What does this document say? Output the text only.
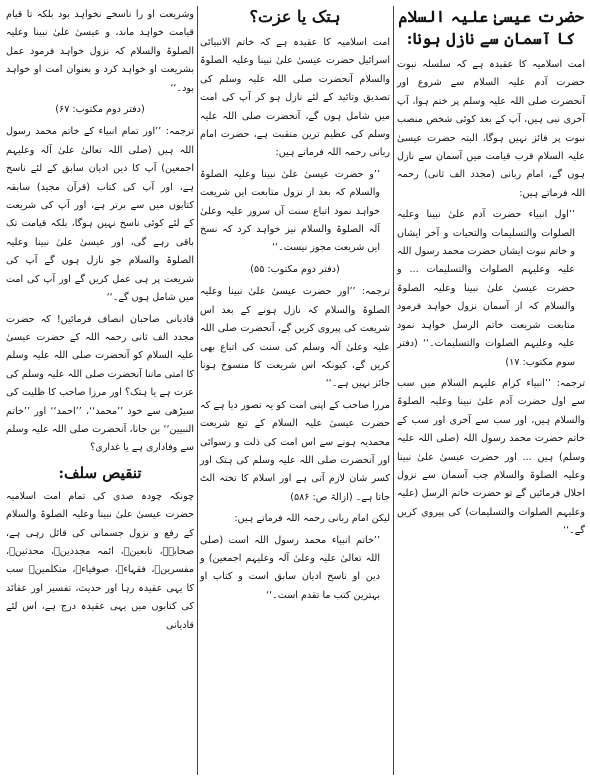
حضرت عیسیٰ علیہ السلام کا آسمان سے نازل ہونا:

امت اسلامیہ کا عقیدہ ہے کہ سلسلہ نبوت حضرت آدم علیہ السلام سے شروع اور آنحضرت صلی اللہ علیہ وسلم پر ختم ہوا، آپ آخری نبی ہیں، آپ کے بعد کوئی شخص منصب نبوت پر فائز نہیں ہوگا، البتہ حضرت عیسیٰ علیہ السلام قرب قیامت میں آسمان سے نازل ہوں گے، امام ربانی (مجدد الف ثانی) رحمہ اللہ فرماتے ہیں:

’’اول انبیاء حضرت آدم علیٰ نبینا وعلیہ الصلوات والتسلیمات والتحیات و آخر ایشاں و خاتم نبوت ایشاں حضرت محمد رسول اللہ علیہ وعلیہم الصلوات والتسلیمات ... و حضرت عیسیٰ علیٰ نبینا وعلیہ الصلوۃ والسلام کہ از آسمان نزول خواہد فرمود متابعت شریعت خاتم الرسل خواہد نمود علیہ وعلیہم الصلوات والتسلیمات۔‘‘ (دفتر سوم مکتوب: ۱۷)

ترجمہ: ’’انبیاء کرام علیہم السلام میں سب سے اول حضرت آدم علیٰ نبینا وعلیہ الصلوۃ والسلام ہیں، اور سب سے آخری اور سب کے خاتم حضرت محمد رسول اللہ (صلی اللہ علیہ وسلم) ہیں ... اور حضرت عیسیٰ علیٰ نبینا وعلیہ الصلوۃ والسلام جب آسمان سے نزول اجلال فرمائیں گے تو حضرت خاتم الرسل (علیہ وعلیہم الصلوات والتسلیمات) کی پیروی کریں گے۔‘‘

ہتک یا عزت؟

امت اسلامیہ کا عقیدہ ہے کہ خاتم الانبیائی اسرائیل حضرت عیسیٰ علیٰ نبینا وعلیہ الصلوۃ والسلام آنحضرت صلی اللہ علیہ وسلم کی تصدیق وتائید کے لئے نازل ہو کر آپ کی امت میں شامل ہوں گے، آنحضرت صلی اللہ علیہ وسلم کی عظیم ترین منقبت ہے، حضرت امام ربانی رحمہ اللہ فرماتے ہیں:

’’و حضرت عیسیٰ علیٰ نبینا وعلیہ الصلوۃ والسلام کہ بعد از نزول متابعت ایں شریعت خواہد نمود اتباع سنت آں سرور علیہ وعلیٰ آلہ الصلوۃ والسلام نیز خواہد کرد کہ نسخ ایں شریعت مجوز نیست۔‘‘

(دفتر دوم مکتوب: ۵۵)

ترجمہ: ’’اور حضرت عیسیٰ علیٰ نبینا وعلیہ الصلوۃ والسلام کہ نازل ہونے کے بعد اس شریعت کی پیروی کریں گے، آنحضرت صلی اللہ علیہ وعلیٰ آلہ وسلم کی سنت کی اتباع بھی کریں گے، کیونکہ اس شریعت کا منسوخ ہونا جائز نہیں ہے۔‘‘

مرزا صاحب کے اپنی امت کو یہ تصور دیا ہے کہ حضرت عیسیٰ علیہ السلام کے تبع شریعت محمدیہ ہونے سے اس امت کی ذلت و رسوائی اور آنحضرت صلی اللہ علیہ وسلم کی ہتک اور کسر شان لازم آتی ہے اور اسلام کا تختہ الٹ جاتا ہے۔ (ازالۃ ص: ۵۸۶)

لیکن امام ربانی رحمہ اللہ فرماتے ہیں:

’’خاتم انبیاء محمد رسول اللہ است (صلی اللہ تعالیٰ علیہ وعلیٰ آلہ وعلیہم اجمعین) و دین او ناسخ ادیان سابق است و کتاب او بہترین کتب ما تقدم است۔‘‘

وشریعت او را ناسخے نخواہد بود بلکہ تا قیام قیامت خواہد ماند، و عیسیٰ علیٰ نبینا وعلیہ الصلوۃ والسلام کہ نزول خواہد فرمود عمل بشریعت او خواہد کرد و بعنوان امت او خواہد بود۔‘‘

(دفتر دوم مکتوب: ۶۷)

ترجمہ: ’’اور تمام انبیاء کے خاتم محمد رسول اللہ ہیں (صلی اللہ تعالیٰ علیٰ آلہ وعلیہم اجمعین) آپ کا دین ادیان سابق کے لئے ناسخ ہے، اور آپ کی کتاب (قرآن مجید) سابقہ کتابوں میں سے برتر ہے، اور آپ کی شریعت کے لئے کوئی ناسخ نہیں ہوگا، بلکہ قیامت تک باقی رہے گی، اور عیسیٰ علیٰ نبینا وعلیہ الصلوۃ والسلام جو نازل ہوں گے آپ کی شریعت پر ہی عمل کریں گے اور آپ کی امت میں شامل ہوں گے۔‘‘

قادیانی صاحبان انصاف فرمائیں! کہ حضرت مجدد الف ثانی رحمہ اللہ کے حضرت عیسیٰ علیہ السلام کو آنحضرت صلی اللہ علیہ وسلم کا امتی ماننا آنحضرت صلی اللہ علیہ وسلم کی عزت ہے یا ہتک؟ اور مرزا صاحب کا ظلیت کی سیڑھی سے خود ’’محمد‘‘، ’’احمد‘‘ اور ’’خاتم النبیین‘‘ بن جانا، آنحضرت صلی اللہ علیہ وسلم سے وفاداری ہے یا غداری؟

تنقیص سلف:

چونکہ چودہ صدی کی تمام امت اسلامیہ حضرت عیسیٰ علیٰ نبینا وعلیہ الصلوۃ والسلام کے رفع و نزول جسمانی کی قائل رہی ہے، صحابہؓ، تابعینؒ، ائمہ مجددینؒ، محدثینؒ، مفسرینؒ، فقہاءؒ، صوفیاءؒ، متکلمینؒ سب کا یہی عقیدہ رہا اور حدیث، تفسیر اور عقائد کی کتابوں میں یہی عقیدہ درج ہے، اس لئے قادیانی
